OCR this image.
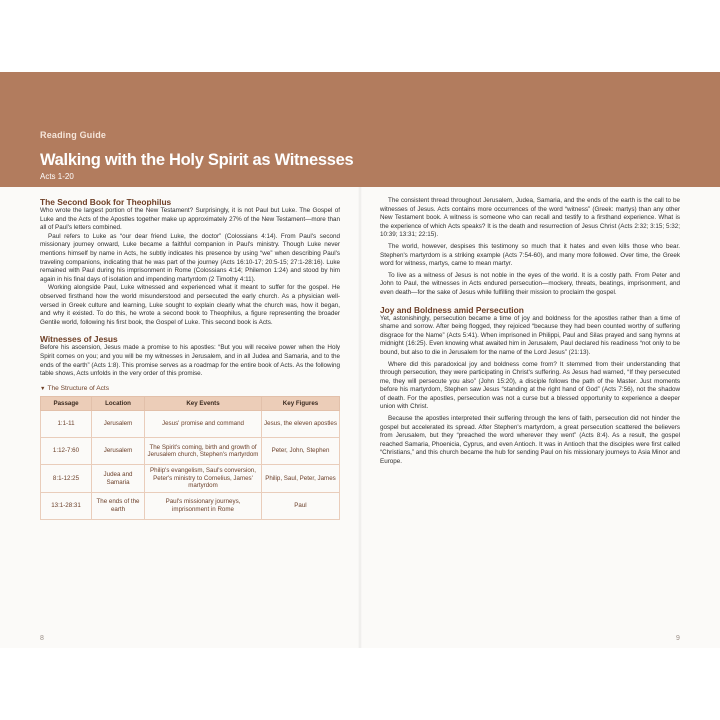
Reading Guide
Walking with the Holy Spirit as Witnesses
Acts 1-20
The Second Book for Theophilus

Who wrote the largest portion of the New Testament? Surprisingly, it is not Paul but Luke. The Gospel of Luke and the Acts of the Apostles together make up approximately 27% of the New Testament—more than all of Paul's letters combined.

Paul refers to Luke as “our dear friend Luke, the doctor” (Colossians 4:14). From Paul's second missionary journey onward, Luke became a faithful companion in Paul's ministry. Though Luke never mentions himself by name in Acts, he subtly indicates his presence by using “we” when describing Paul's traveling companions, indicating that he was part of the journey (Acts 16:10-17; 20:5-15; 27:1-28:16). Luke remained with Paul during his imprisonment in Rome (Colossians 4:14; Philemon 1:24) and stood by him again in his final days of isolation and impending martyrdom (2 Timothy 4:11).

Working alongside Paul, Luke witnessed and experienced what it meant to suffer for the gospel. He observed firsthand how the world misunderstood and persecuted the early church. As a physician well-versed in Greek culture and learning, Luke sought to explain clearly what the church was, how it began, and why it existed. To do this, he wrote a second book to Theophilus, a figure representing the broader Gentile world, following his first book, the Gospel of Luke. This second book is Acts.

Witnesses of Jesus

Before his ascension, Jesus made a promise to his apostles: “But you will receive power when the Holy Spirit comes on you; and you will be my witnesses in Jerusalem, and in all Judea and Samaria, and to the ends of the earth” (Acts 1:8). This promise serves as a roadmap for the entire book of Acts. As the following table shows, Acts unfolds in the very order of this promise.

▼ The Structure of Acts
Passage	Location	Key Events	Key Figures
1:1-11	Jerusalem	Jesus' promise and command	Jesus, the eleven apostles
1:12-7:60	Jerusalem	The Spirit's coming, birth and growth of Jerusalem church, Stephen's martyrdom	Peter, John, Stephen
8:1-12:25	Judea and Samaria	Philip's evangelism, Saul's conversion, Peter's ministry to Cornelius, James' martyrdom	Philip, Saul, Peter, James
13:1-28:31	The ends of the earth	Paul's missionary journeys, imprisonment in Rome	Paul

The consistent thread throughout Jerusalem, Judea, Samaria, and the ends of the earth is the call to be witnesses of Jesus. Acts contains more occurrences of the word “witness” (Greek: martys) than any other New Testament book. A witness is someone who can recall and testify to a firsthand experience. What is the experience of which Acts speaks? It is the death and resurrection of Jesus Christ (Acts 2:32; 3:15; 5:32; 10:39; 13:31; 22:15).

The world, however, despises this testimony so much that it hates and even kills those who bear. Stephen's martyrdom is a striking example (Acts 7:54-60), and many more followed. Over time, the Greek word for witness, martys, came to mean martyr.

To live as a witness of Jesus is not noble in the eyes of the world. It is a costly path. From Peter and John to Paul, the witnesses in Acts endured persecution—mockery, threats, beatings, imprisonment, and even death—for the sake of Jesus while fulfilling their mission to proclaim the gospel.

Joy and Boldness amid Persecution

Yet, astonishingly, persecution became a time of joy and boldness for the apostles rather than a time of shame and sorrow. After being flogged, they rejoiced “because they had been counted worthy of suffering disgrace for the Name” (Acts 5:41). When imprisoned in Philippi, Paul and Silas prayed and sang hymns at midnight (16:25). Even knowing what awaited him in Jerusalem, Paul declared his readiness “not only to be bound, but also to die in Jerusalem for the name of the Lord Jesus” (21:13).

Where did this paradoxical joy and boldness come from? It stemmed from their understanding that through persecution, they were participating in Christ's suffering. As Jesus had warned, “If they persecuted me, they will persecute you also” (John 15:20), a disciple follows the path of the Master. Just moments before his martyrdom, Stephen saw Jesus “standing at the right hand of God” (Acts 7:56), not the shadow of death. For the apostles, persecution was not a curse but a blessed opportunity to experience a deeper union with Christ.

Because the apostles interpreted their suffering through the lens of faith, persecution did not hinder the gospel but accelerated its spread. After Stephen's martyrdom, a great persecution scattered the believers from Jerusalem, but they “preached the word wherever they went” (Acts 8:4). As a result, the gospel reached Samaria, Phoenicia, Cyprus, and even Antioch. It was in Antioch that the disciples were first called “Christians,” and this church became the hub for sending Paul on his missionary journeys to Asia Minor and Europe.

8	9
